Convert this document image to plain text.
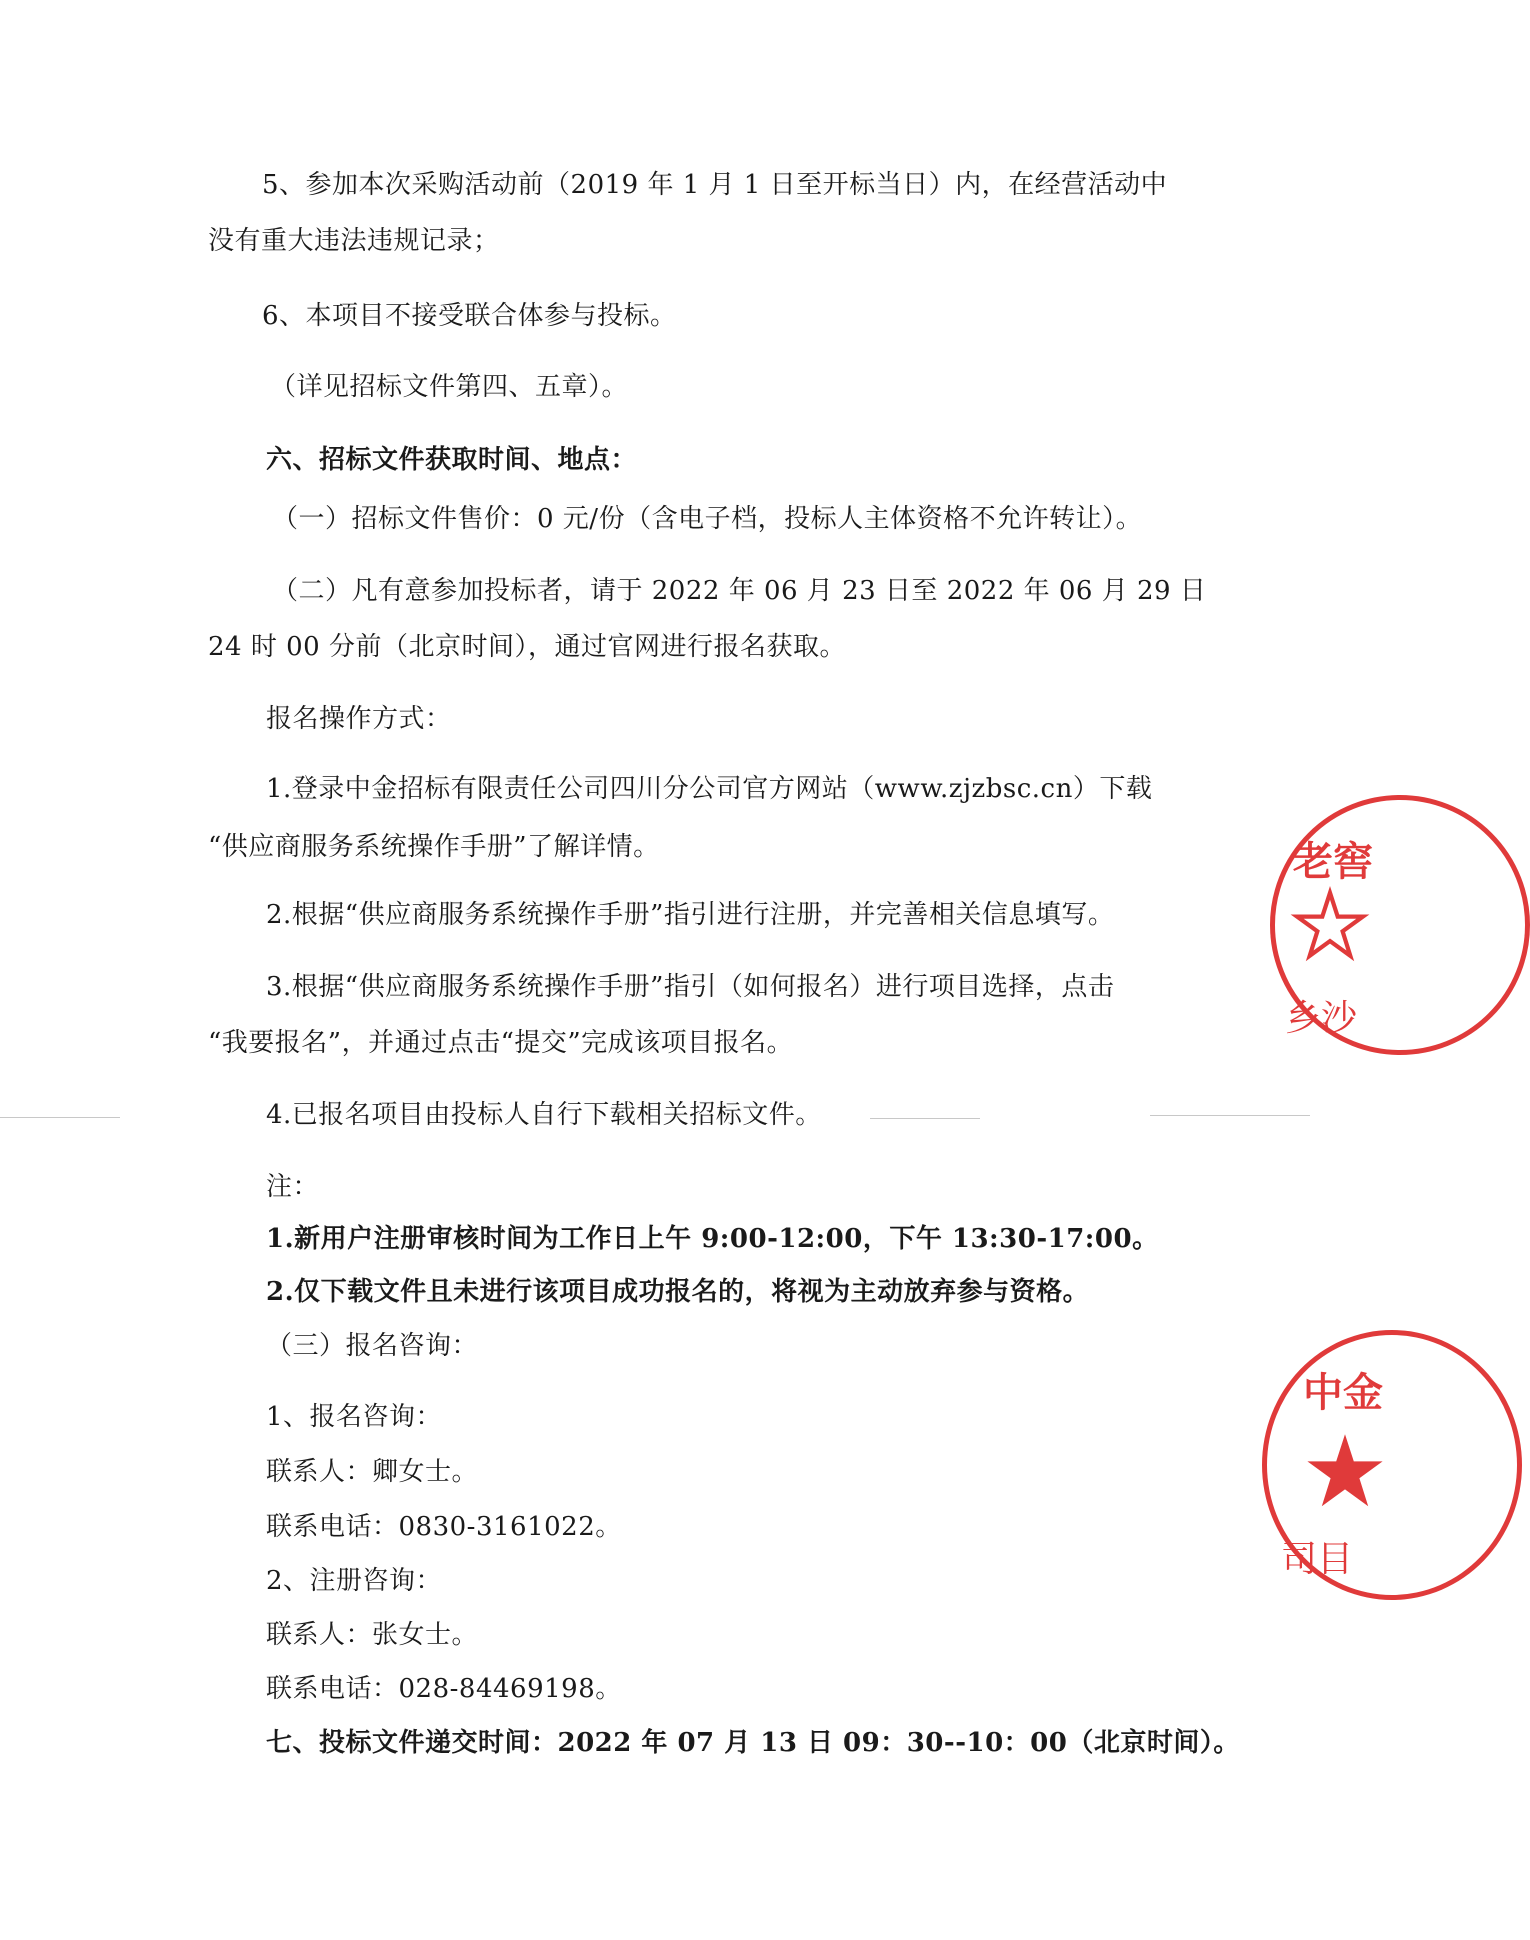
5、参加本次采购活动前（2019 年 1 月 1 日至开标当日）内，在经营活动中
没有重大违法违规记录；
6、本项目不接受联合体参与投标。
（详见招标文件第四、五章）。
六、招标文件获取时间、地点：
（一）招标文件售价：0 元/份（含电子档，投标人主体资格不允许转让）。
（二）凡有意参加投标者，请于 2022 年 06 月 23 日至 2022 年 06 月 29 日
24 时 00 分前（北京时间），通过官网进行报名获取。
报名操作方式：
1.登录中金招标有限责任公司四川分公司官方网站（www.zjzbsc.cn）下载
“供应商服务系统操作手册”了解详情。
2.根据“供应商服务系统操作手册”指引进行注册，并完善相关信息填写。
3.根据“供应商服务系统操作手册”指引（如何报名）进行项目选择，点击
“我要报名”，并通过点击“提交”完成该项目报名。
4.已报名项目由投标人自行下载相关招标文件。
注：
1.新用户注册审核时间为工作日上午 9:00-12:00，下午 13:30-17:00。
2.仅下载文件且未进行该项目成功报名的，将视为主动放弃参与资格。
（三）报名咨询：
1、报名咨询：
联系人：卿女士。
联系电话：0830-3161022。
2、注册咨询：
联系人：张女士。
联系电话：028-84469198。
七、投标文件递交时间：2022 年 07 月 13 日 09：30--10：00（北京时间）。
老窖
乡沙
中金
司目
